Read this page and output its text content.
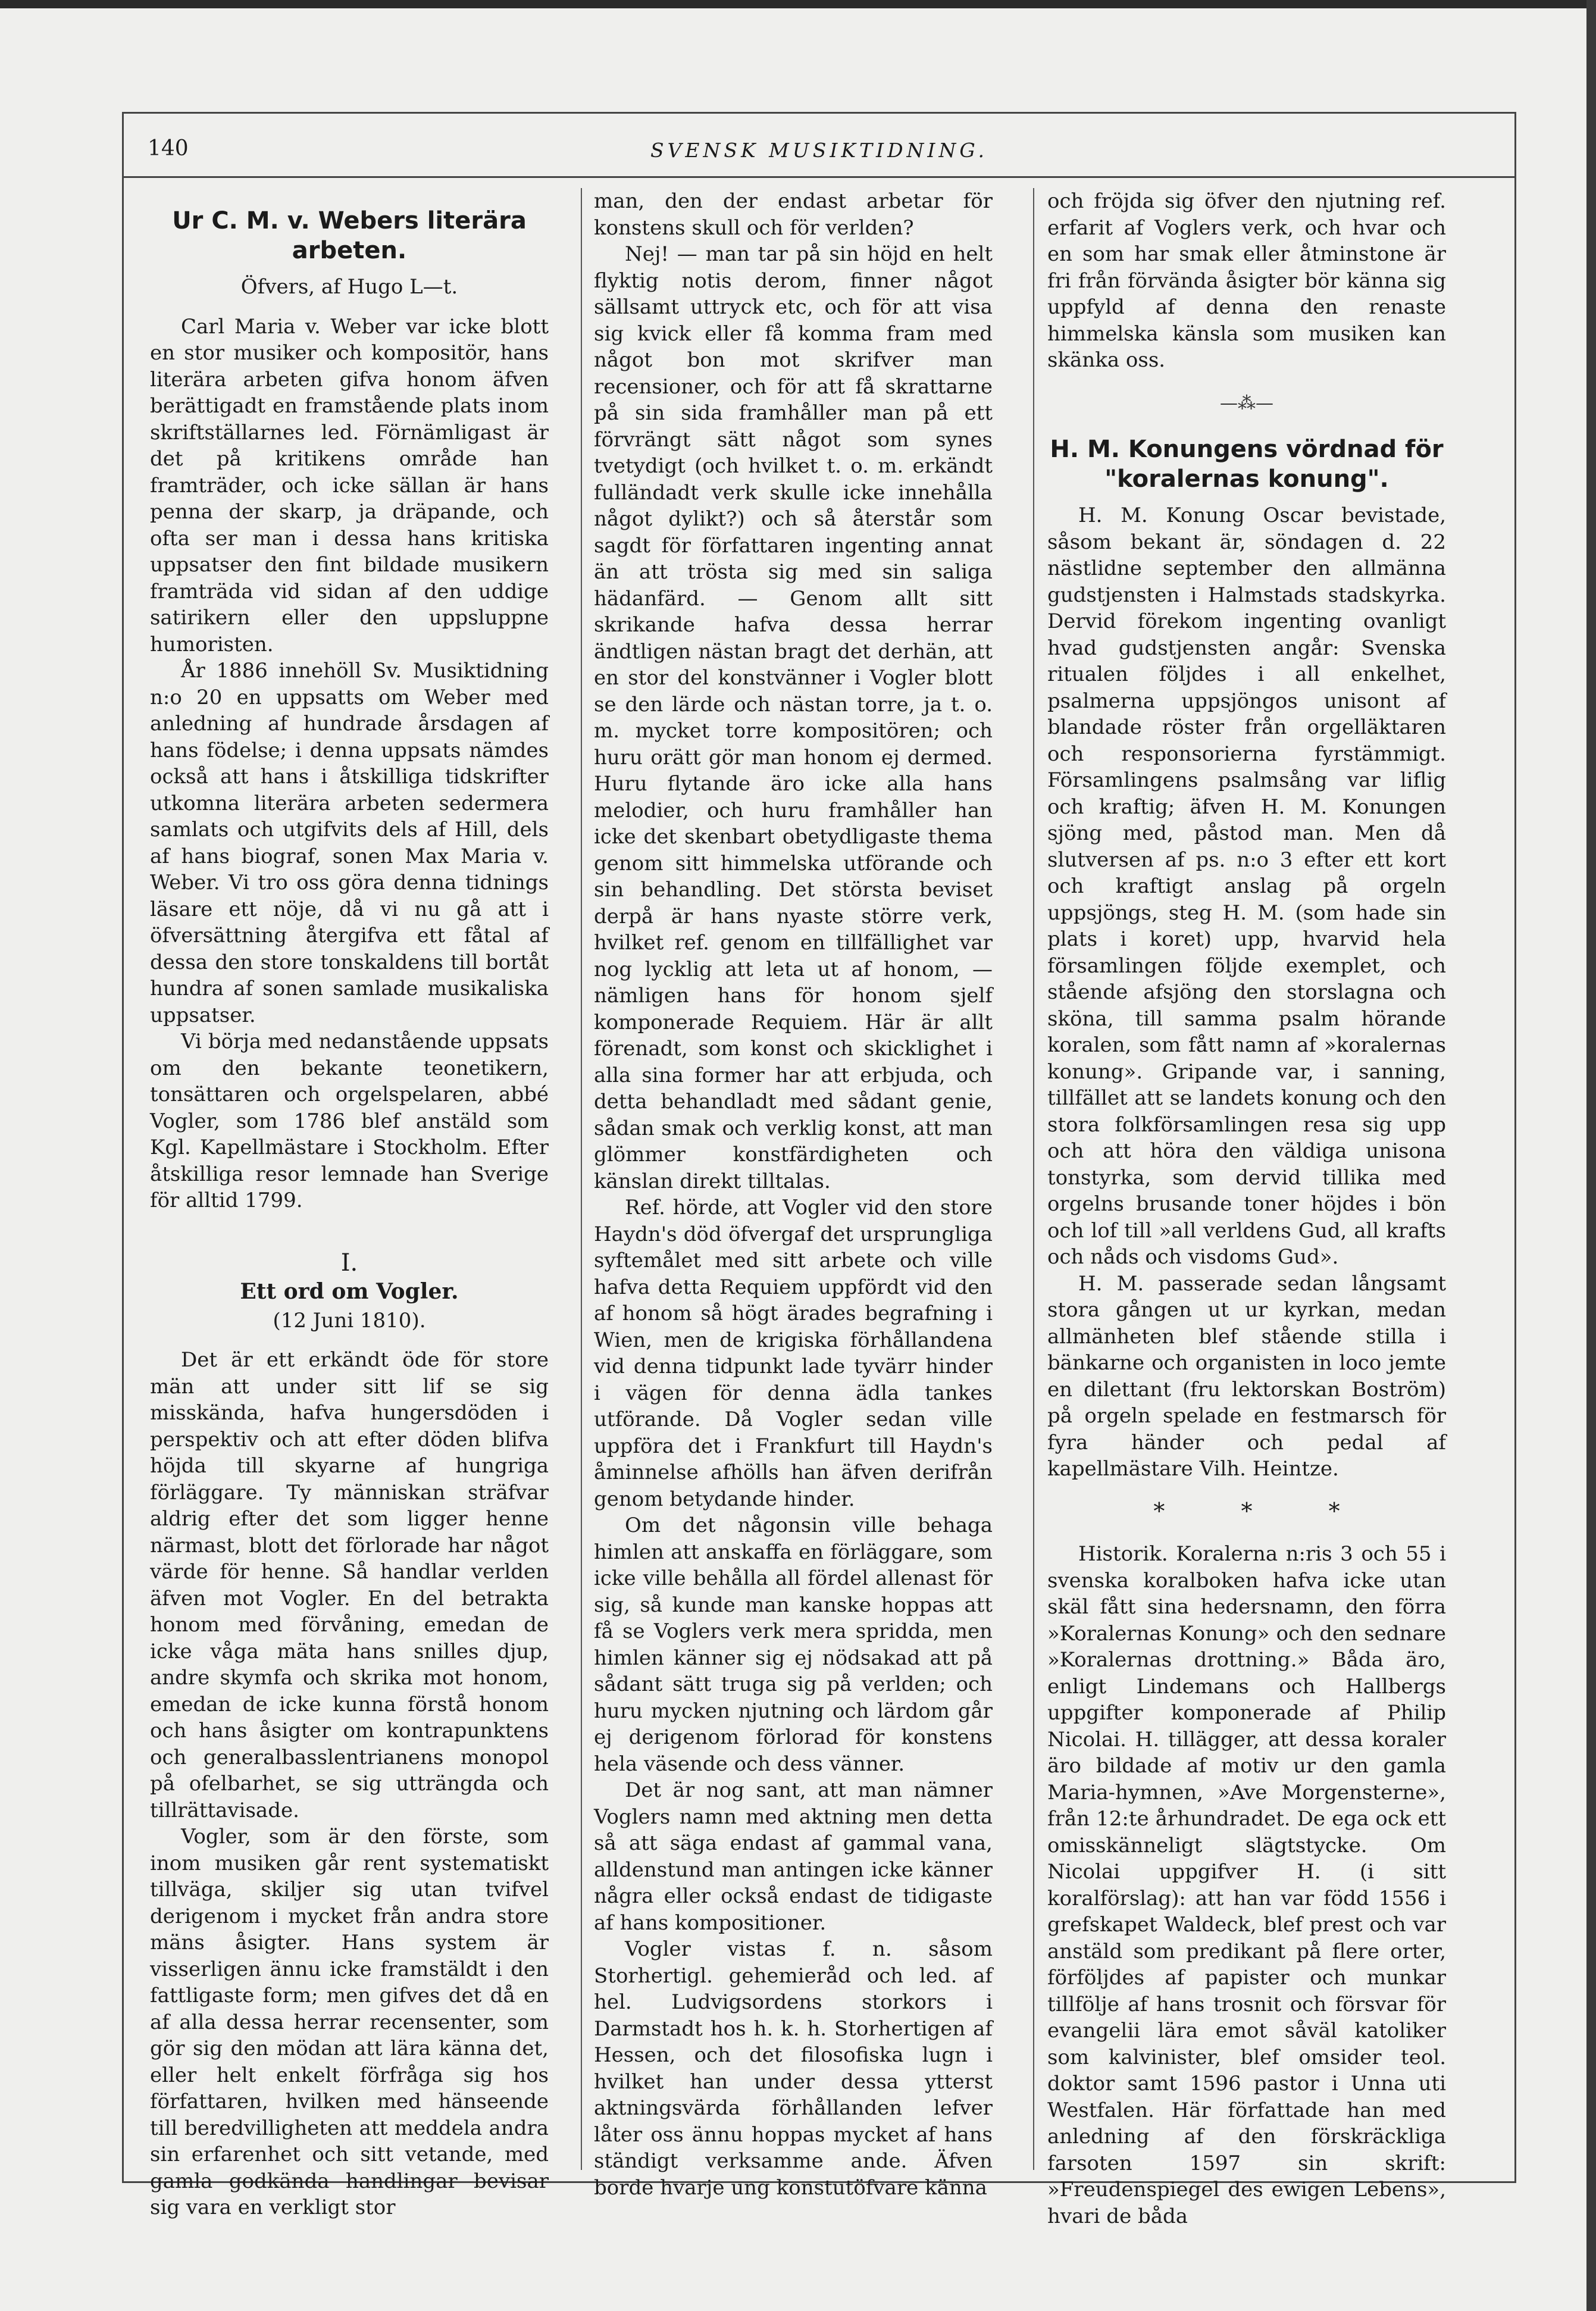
140	SVENSK MUSIKTIDNING.
Ur C. M. v. Webers literära arbeten.
Öfvers, af Hugo L—t.

Carl Maria v. Weber var icke blott en stor musiker och kompositör, hans literära arbeten gifva honom äfven berättigadt en framstående plats inom skriftställarnes led. Förnämligast är det på kritikens område han framträder, och icke sällan är hans penna der skarp, ja dräpande, och ofta ser man i dessa hans kritiska uppsatser den fint bildade musikern framträda vid sidan af den uddige satirikern eller den uppsluppne humoristen.

År 1886 innehöll Sv. Musiktidning n:o 20 en uppsatts om Weber med anledning af hundrade årsdagen af hans födelse; i denna uppsats nämdes också att hans i åtskilliga tidskrifter utkomna literära arbeten sedermera samlats och utgifvits dels af Hill, dels af hans biograf, sonen Max Maria v. Weber. Vi tro oss göra denna tidnings läsare ett nöje, då vi nu gå att i öfversättning återgifva ett fåtal af dessa den store tonskaldens till bortåt hundra af sonen samlade musikaliska uppsatser.

Vi börja med nedanstående uppsats om den bekante teonetikern, tonsättaren och orgelspelaren, abbé Vogler, som 1786 blef anstäld som Kgl. Kapellmästare i Stockholm. Efter åtskilliga resor lemnade han Sverige för alltid 1799.

I.
Ett ord om Vogler.
(12 Juni 1810).

Det är ett erkändt öde för store män att under sitt lif se sig misskända, hafva hungersdöden i perspektiv och att efter döden blifva höjda till skyarne af hungriga förläggare. Ty människan sträfvar aldrig efter det som ligger henne närmast, blott det förlorade har något värde för henne. Så handlar verlden äfven mot Vogler. En del betrakta honom med förvåning, emedan de icke våga mäta hans snilles djup, andre skymfa och skrika mot honom, emedan de icke kunna förstå honom och hans åsigter om kontrapunktens och generalbasslentrianens monopol på ofelbarhet, se sig utträngda och tillrättavisade.

Vogler, som är den förste, som inom musiken går rent systematiskt tillväga, skiljer sig utan tvifvel derigenom i mycket från andra store mäns åsigter. Hans system är visserligen ännu icke framstäldt i den fattligaste form; men gifves det då en af alla dessa herrar recensenter, som gör sig den mödan att lära känna det, eller helt enkelt förfråga sig hos författaren, hvilken med hänseende till beredvilligheten att meddela andra sin erfarenhet och sitt vetande, med gamla godkända handlingar bevisar sig vara en verkligt stor

man, den der endast arbetar för konstens skull och för verlden?

Nej! — man tar på sin höjd en helt flyktig notis derom, finner något sällsamt uttryck etc, och för att visa sig kvick eller få komma fram med något bon mot skrifver man recensioner, och för att få skrattarne på sin sida framhåller man på ett förvrängt sätt något som synes tvetydigt (och hvilket t. o. m. erkändt fulländadt verk skulle icke innehålla något dylikt?) och så återstår som sagdt för författaren ingenting annat än att trösta sig med sin saliga hädanfärd. — Genom allt sitt skrikande hafva dessa herrar ändtligen nästan bragt det derhän, att en stor del konstvänner i Vogler blott se den lärde och nästan torre, ja t. o. m. mycket torre kompositören; och huru orätt gör man honom ej dermed. Huru flytande äro icke alla hans melodier, och huru framhåller han icke det skenbart obetydligaste thema genom sitt himmelska utförande och sin behandling. Det största beviset derpå är hans nyaste större verk, hvilket ref. genom en tillfällighet var nog lycklig att leta ut af honom, — nämligen hans för honom sjelf komponerade Requiem. Här är allt förenadt, som konst och skicklighet i alla sina former har att erbjuda, och detta behandladt med sådant genie, sådan smak och verklig konst, att man glömmer konstfärdigheten och känslan direkt tilltalas.

Ref. hörde, att Vogler vid den store Haydn's död öfvergaf det ursprungliga syftemålet med sitt arbete och ville hafva detta Requiem uppfördt vid den af honom så högt ärades begrafning i Wien, men de krigiska förhållandena vid denna tidpunkt lade tyvärr hinder i vägen för denna ädla tankes utförande. Då Vogler sedan ville uppföra det i Frankfurt till Haydn's åminnelse afhölls han äfven derifrån genom betydande hinder.

Om det någonsin ville behaga himlen att anskaffa en förläggare, som icke ville behålla all fördel allenast för sig, så kunde man kanske hoppas att få se Voglers verk mera spridda, men himlen känner sig ej nödsakad att på sådant sätt truga sig på verlden; och huru mycken njutning och lärdom går ej derigenom förlorad för konstens hela väsende och dess vänner.

Det är nog sant, att man nämner Voglers namn med aktning men detta så att säga endast af gammal vana, alldenstund man antingen icke känner några eller också endast de tidigaste af hans kompositioner.

Vogler vistas f. n. såsom Storhertigl. gehemieråd och led. af hel. Ludvigsordens storkors i Darmstadt hos h. k. h. Storhertigen af Hessen, och det filosofiska lugn i hvilket han under dessa ytterst aktningsvärda förhållanden lefver låter oss ännu hoppas mycket af hans ständigt verksamme ande. Äfven borde hvarje ung konstutöfvare känna

och fröjda sig öfver den njutning ref. erfarit af Voglers verk, och hvar och en som har smak eller åtminstone är fri från förvända åsigter bör känna sig uppfyld af denna den renaste himmelska känsla som musiken kan skänka oss.

—⁂—
H. M. Konungens vördnad för "koralernas konung".

H. M. Konung Oscar bevistade, såsom bekant är, söndagen d. 22 nästlidne september den allmänna gudstjensten i Halmstads stadskyrka. Dervid förekom ingenting ovanligt hvad gudstjensten angår: Svenska ritualen följdes i all enkelhet, psalmerna uppsjöngos unisont af blandade röster från orgelläktaren och responsorierna fyrstämmigt. Församlingens psalmsång var liflig och kraftig; äfven H. M. Konungen sjöng med, påstod man. Men då slutversen af ps. n:o 3 efter ett kort och kraftigt anslag på orgeln uppsjöngs, steg H. M. (som hade sin plats i koret) upp, hvarvid hela församlingen följde exemplet, och stående afsjöng den storslagna och sköna, till samma psalm hörande koralen, som fått namn af »koralernas konung». Gripande var, i sanning, tillfället att se landets konung och den stora folkförsamlingen resa sig upp och att höra den väldiga unisona tonstyrka, som dervid tillika med orgelns brusande toner höjdes i bön och lof till »all verldens Gud, all krafts och nåds och visdoms Gud».

H. M. passerade sedan långsamt stora gången ut ur kyrkan, medan allmänheten blef stående stilla i bänkarne och organisten in loco jemte en dilettant (fru lektorskan Boström) på orgeln spelade en festmarsch för fyra händer och pedal af kapellmästare Vilh. Heintze.

* * *

Historik. Koralerna n:ris 3 och 55 i svenska koralboken hafva icke utan skäl fått sina hedersnamn, den förra »Koralernas Konung» och den sednare »Koralernas drottning.» Båda äro, enligt Lindemans och Hallbergs uppgifter komponerade af Philip Nicolai. H. tillägger, att dessa koraler äro bildade af motiv ur den gamla Maria-hymnen, »Ave Morgensterne», från 12:te århundradet. De ega ock ett omisskänneligt slägtstycke. Om Nicolai uppgifver H. (i sitt koralförslag): att han var född 1556 i grefskapet Waldeck, blef prest och var anstäld som predikant på flere orter, förföljdes af papister och munkar tillfölje af hans trosnit och försvar för evangelii lära emot såväl katoliker som kalvinister, blef omsider teol. doktor samt 1596 pastor i Unna uti Westfalen. Här författade han med anledning af den förskräckliga farsoten 1597 sin skrift: »Freudenspiegel des ewigen Lebens», hvari de båda
